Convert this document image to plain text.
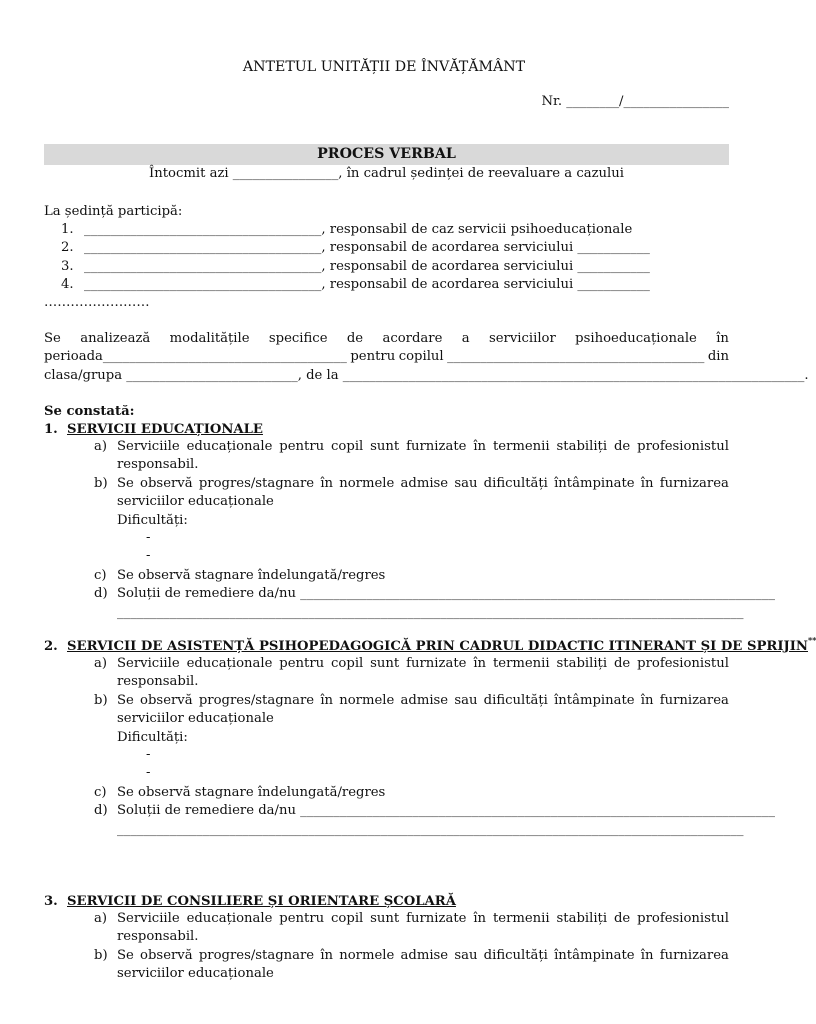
ANTETUL UNITĂȚII DE ÎNVĂȚĂMÂNT
Nr. ________/________________
PROCES VERBAL
Întocmit azi ________________, în cadrul ședinței de reevaluare a cazului
La ședință participă:
1. ____________________________________, responsabil de caz servicii psihoeducaționale
2. ____________________________________, responsabil de acordarea serviciului ___________
3. ____________________________________, responsabil de acordarea serviciului ___________
4. ____________________________________, responsabil de acordarea serviciului ___________
……………………
Se analizează modalitățile specifice de acordare a serviciilor psihoeducaționale în
perioada_____________________________________ pentru copilul _______________________________________ din
clasa/grupa __________________________, de la ______________________________________________________________________.
Se constată:
1. SERVICII EDUCAȚIONALE
a) Serviciile educaționale pentru copil sunt furnizate în termenii stabiliți de profesionistul
responsabil.
b) Se observă progres/stagnare în normele admise sau dificultăți întâmpinate în furnizarea
serviciilor educaționale
Dificultăți:
-
-
c) Se observă stagnare îndelungată/regres
d) Soluții de remediere da/nu ________________________________________________________________________
_______________________________________________________________________________________________
2. SERVICII DE ASISTENȚĂ PSIHOPEDAGOGICĂ PRIN CADRUL DIDACTIC ITINERANT ȘI DE SPRIJIN**
a) Serviciile educaționale pentru copil sunt furnizate în termenii stabiliți de profesionistul
responsabil.
b) Se observă progres/stagnare în normele admise sau dificultăți întâmpinate în furnizarea
serviciilor educaționale
Dificultăți:
-
-
c) Se observă stagnare îndelungată/regres
d) Soluții de remediere da/nu ________________________________________________________________________
_______________________________________________________________________________________________
3. SERVICII DE CONSILIERE ȘI ORIENTARE ȘCOLARĂ
a) Serviciile educaționale pentru copil sunt furnizate în termenii stabiliți de profesionistul
responsabil.
b) Se observă progres/stagnare în normele admise sau dificultăți întâmpinate în furnizarea
serviciilor educaționale
